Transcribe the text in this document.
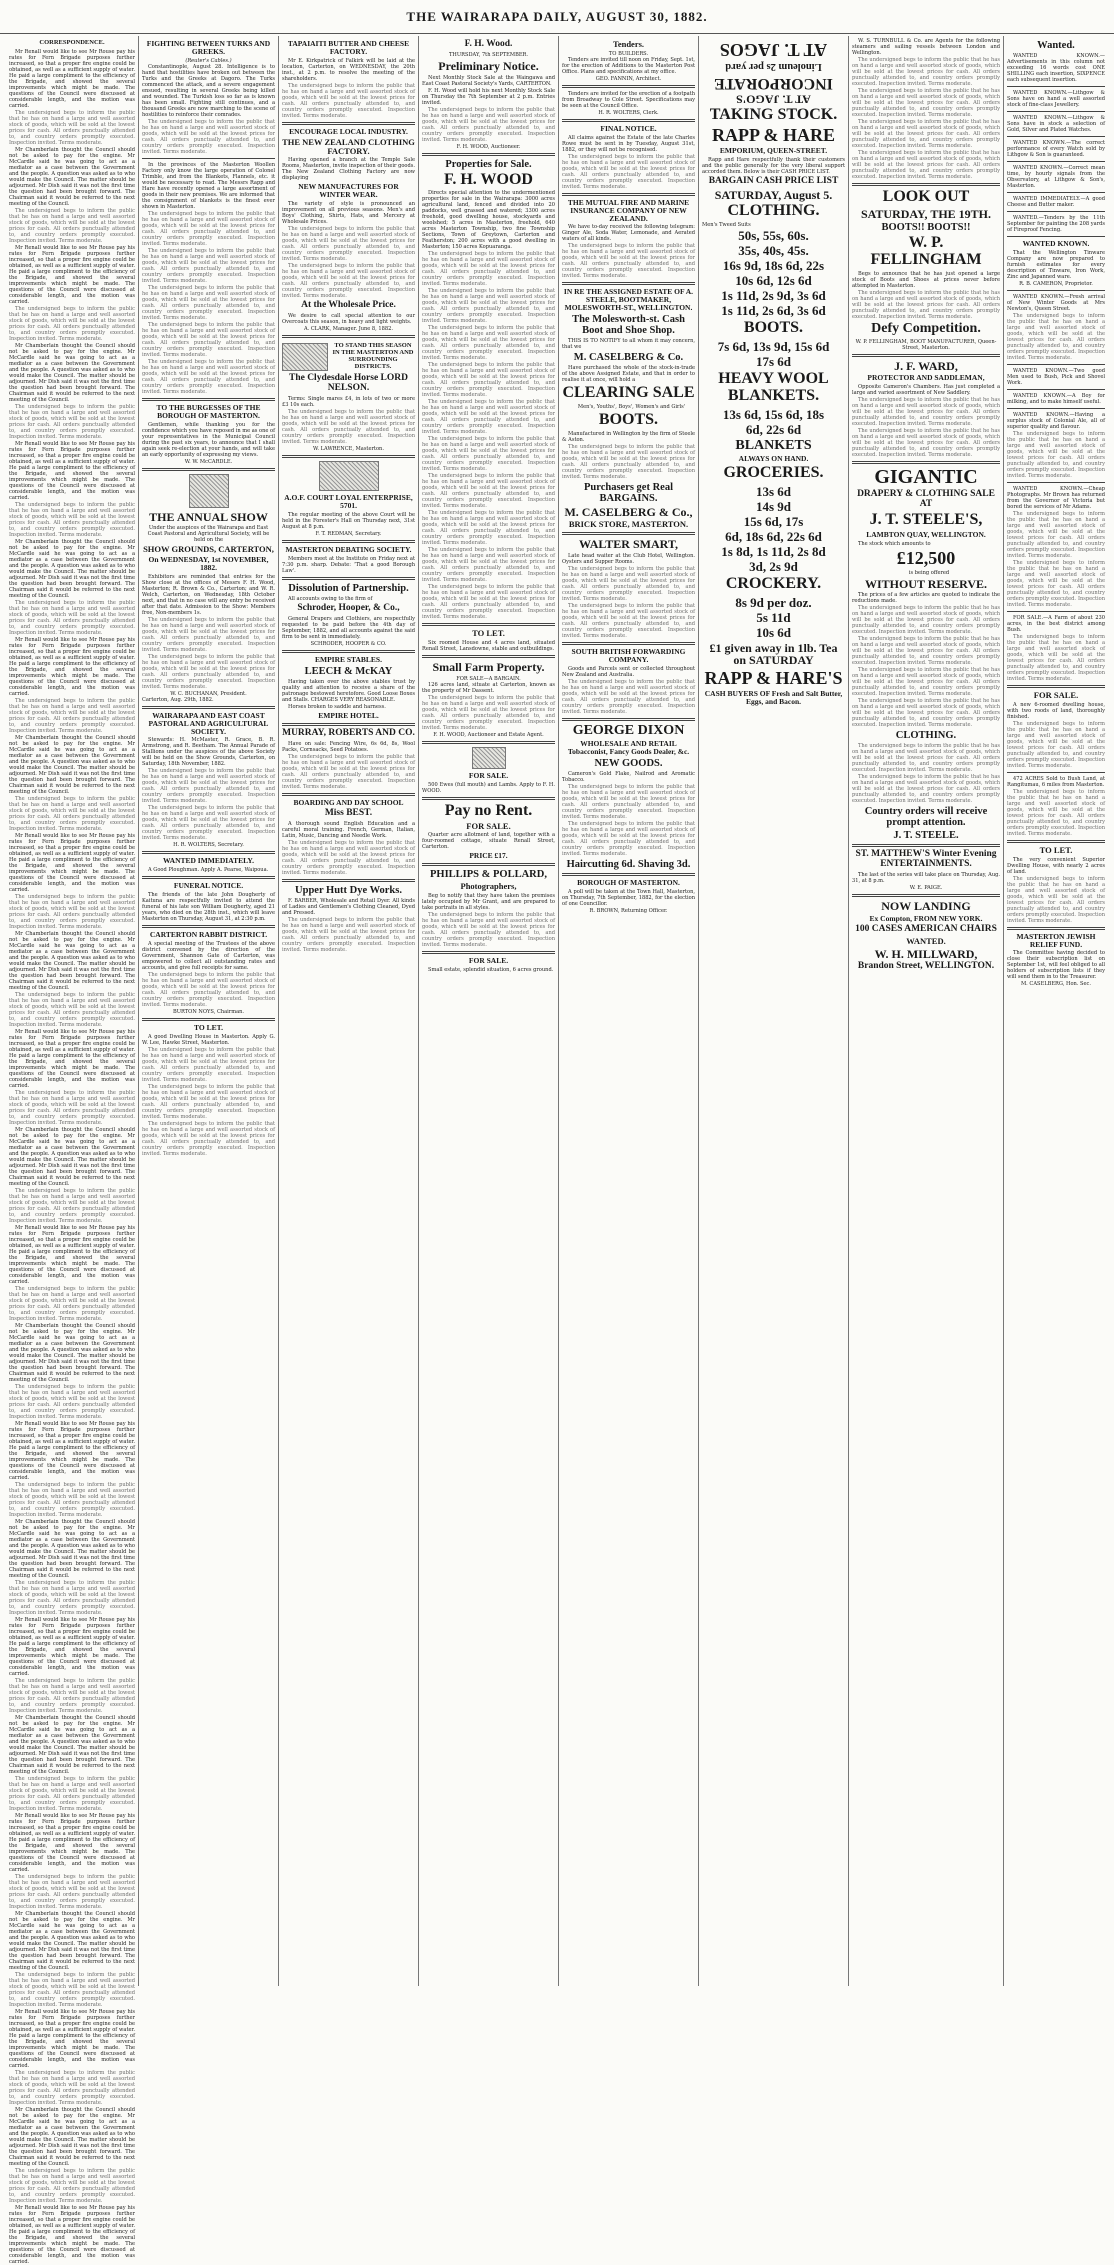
THE WAIRARAPA DAILY, AUGUST 30, 1882.
CORRESPONDENCE.

Mr Renall would like to see Mr Rouse pay his rates for Fern Brigade purposes further increased, so that a proper fire engine could be obtained, as well as a sufficient supply of water. He paid a large compliment to the efficiency of the Brigade, and showed the several improvements which might be made. The questions of the Council were discussed at considerable length, and the motion was carried.

The undersigned begs to inform the public that he has on hand a large and well assorted stock of goods, which will be sold at the lowest prices for cash. All orders punctually attended to, and country orders promptly executed. Inspection invited. Terms moderate.

Mr Chamberlain thought the Council should not be asked to pay for the engine. Mr McCardle said he was going to act as a mediator as a case between the Government and the people. A question was asked as to who would make the Council. The matter should be adjourned. Mr Dish said it was not the first time the question had been brought forward. The Chairman said it would be referred to the next meeting of the Council.

The undersigned begs to inform the public that he has on hand a large and well assorted stock of goods, which will be sold at the lowest prices for cash. All orders punctually attended to, and country orders promptly executed. Inspection invited. Terms moderate.

Mr Renall would like to see Mr Rouse pay his rates for Fern Brigade purposes further increased, so that a proper fire engine could be obtained, as well as a sufficient supply of water. He paid a large compliment to the efficiency of the Brigade, and showed the several improvements which might be made. The questions of the Council were discussed at considerable length, and the motion was carried.

The undersigned begs to inform the public that he has on hand a large and well assorted stock of goods, which will be sold at the lowest prices for cash. All orders punctually attended to, and country orders promptly executed. Inspection invited. Terms moderate.

Mr Chamberlain thought the Council should not be asked to pay for the engine. Mr McCardle said he was going to act as a mediator as a case between the Government and the people. A question was asked as to who would make the Council. The matter should be adjourned. Mr Dish said it was not the first time the question had been brought forward. The Chairman said it would be referred to the next meeting of the Council.

The undersigned begs to inform the public that he has on hand a large and well assorted stock of goods, which will be sold at the lowest prices for cash. All orders punctually attended to, and country orders promptly executed. Inspection invited. Terms moderate.

Mr Renall would like to see Mr Rouse pay his rates for Fern Brigade purposes further increased, so that a proper fire engine could be obtained, as well as a sufficient supply of water. He paid a large compliment to the efficiency of the Brigade, and showed the several improvements which might be made. The questions of the Council were discussed at considerable length, and the motion was carried.

The undersigned begs to inform the public that he has on hand a large and well assorted stock of goods, which will be sold at the lowest prices for cash. All orders punctually attended to, and country orders promptly executed. Inspection invited. Terms moderate.

Mr Chamberlain thought the Council should not be asked to pay for the engine. Mr McCardle said he was going to act as a mediator as a case between the Government and the people. A question was asked as to who would make the Council. The matter should be adjourned. Mr Dish said it was not the first time the question had been brought forward. The Chairman said it would be referred to the next meeting of the Council.

The undersigned begs to inform the public that he has on hand a large and well assorted stock of goods, which will be sold at the lowest prices for cash. All orders punctually attended to, and country orders promptly executed. Inspection invited. Terms moderate.

Mr Renall would like to see Mr Rouse pay his rates for Fern Brigade purposes further increased, so that a proper fire engine could be obtained, as well as a sufficient supply of water. He paid a large compliment to the efficiency of the Brigade, and showed the several improvements which might be made. The questions of the Council were discussed at considerable length, and the motion was carried.

The undersigned begs to inform the public that he has on hand a large and well assorted stock of goods, which will be sold at the lowest prices for cash. All orders punctually attended to, and country orders promptly executed. Inspection invited. Terms moderate.

Mr Chamberlain thought the Council should not be asked to pay for the engine. Mr McCardle said he was going to act as a mediator as a case between the Government and the people. A question was asked as to who would make the Council. The matter should be adjourned. Mr Dish said it was not the first time the question had been brought forward. The Chairman said it would be referred to the next meeting of the Council.

The undersigned begs to inform the public that he has on hand a large and well assorted stock of goods, which will be sold at the lowest prices for cash. All orders punctually attended to, and country orders promptly executed. Inspection invited. Terms moderate.

Mr Renall would like to see Mr Rouse pay his rates for Fern Brigade purposes further increased, so that a proper fire engine could be obtained, as well as a sufficient supply of water. He paid a large compliment to the efficiency of the Brigade, and showed the several improvements which might be made. The questions of the Council were discussed at considerable length, and the motion was carried.

The undersigned begs to inform the public that he has on hand a large and well assorted stock of goods, which will be sold at the lowest prices for cash. All orders punctually attended to, and country orders promptly executed. Inspection invited. Terms moderate.

Mr Chamberlain thought the Council should not be asked to pay for the engine. Mr McCardle said he was going to act as a mediator as a case between the Government and the people. A question was asked as to who would make the Council. The matter should be adjourned. Mr Dish said it was not the first time the question had been brought forward. The Chairman said it would be referred to the next meeting of the Council.

The undersigned begs to inform the public that he has on hand a large and well assorted stock of goods, which will be sold at the lowest prices for cash. All orders punctually attended to, and country orders promptly executed. Inspection invited. Terms moderate.

Mr Renall would like to see Mr Rouse pay his rates for Fern Brigade purposes further increased, so that a proper fire engine could be obtained, as well as a sufficient supply of water. He paid a large compliment to the efficiency of the Brigade, and showed the several improvements which might be made. The questions of the Council were discussed at considerable length, and the motion was carried.

The undersigned begs to inform the public that he has on hand a large and well assorted stock of goods, which will be sold at the lowest prices for cash. All orders punctually attended to, and country orders promptly executed. Inspection invited. Terms moderate.

Mr Chamberlain thought the Council should not be asked to pay for the engine. Mr McCardle said he was going to act as a mediator as a case between the Government and the people. A question was asked as to who would make the Council. The matter should be adjourned. Mr Dish said it was not the first time the question had been brought forward. The Chairman said it would be referred to the next meeting of the Council.

The undersigned begs to inform the public that he has on hand a large and well assorted stock of goods, which will be sold at the lowest prices for cash. All orders punctually attended to, and country orders promptly executed. Inspection invited. Terms moderate.

Mr Renall would like to see Mr Rouse pay his rates for Fern Brigade purposes further increased, so that a proper fire engine could be obtained, as well as a sufficient supply of water. He paid a large compliment to the efficiency of the Brigade, and showed the several improvements which might be made. The questions of the Council were discussed at considerable length, and the motion was carried.

The undersigned begs to inform the public that he has on hand a large and well assorted stock of goods, which will be sold at the lowest prices for cash. All orders punctually attended to, and country orders promptly executed. Inspection invited. Terms moderate.

Mr Chamberlain thought the Council should not be asked to pay for the engine. Mr McCardle said he was going to act as a mediator as a case between the Government and the people. A question was asked as to who would make the Council. The matter should be adjourned. Mr Dish said it was not the first time the question had been brought forward. The Chairman said it would be referred to the next meeting of the Council.

The undersigned begs to inform the public that he has on hand a large and well assorted stock of goods, which will be sold at the lowest prices for cash. All orders punctually attended to, and country orders promptly executed. Inspection invited. Terms moderate.

Mr Renall would like to see Mr Rouse pay his rates for Fern Brigade purposes further increased, so that a proper fire engine could be obtained, as well as a sufficient supply of water. He paid a large compliment to the efficiency of the Brigade, and showed the several improvements which might be made. The questions of the Council were discussed at considerable length, and the motion was carried.

The undersigned begs to inform the public that he has on hand a large and well assorted stock of goods, which will be sold at the lowest prices for cash. All orders punctually attended to, and country orders promptly executed. Inspection invited. Terms moderate.

Mr Chamberlain thought the Council should not be asked to pay for the engine. Mr McCardle said he was going to act as a mediator as a case between the Government and the people. A question was asked as to who would make the Council. The matter should be adjourned. Mr Dish said it was not the first time the question had been brought forward. The Chairman said it would be referred to the next meeting of the Council.

The undersigned begs to inform the public that he has on hand a large and well assorted stock of goods, which will be sold at the lowest prices for cash. All orders punctually attended to, and country orders promptly executed. Inspection invited. Terms moderate.

Mr Renall would like to see Mr Rouse pay his rates for Fern Brigade purposes further increased, so that a proper fire engine could be obtained, as well as a sufficient supply of water. He paid a large compliment to the efficiency of the Brigade, and showed the several improvements which might be made. The questions of the Council were discussed at considerable length, and the motion was carried.

The undersigned begs to inform the public that he has on hand a large and well assorted stock of goods, which will be sold at the lowest prices for cash. All orders punctually attended to, and country orders promptly executed. Inspection invited. Terms moderate.

Mr Chamberlain thought the Council should not be asked to pay for the engine. Mr McCardle said he was going to act as a mediator as a case between the Government and the people. A question was asked as to who would make the Council. The matter should be adjourned. Mr Dish said it was not the first time the question had been brought forward. The Chairman said it would be referred to the next meeting of the Council.

The undersigned begs to inform the public that he has on hand a large and well assorted stock of goods, which will be sold at the lowest prices for cash. All orders punctually attended to, and country orders promptly executed. Inspection invited. Terms moderate.

Mr Renall would like to see Mr Rouse pay his rates for Fern Brigade purposes further increased, so that a proper fire engine could be obtained, as well as a sufficient supply of water. He paid a large compliment to the efficiency of the Brigade, and showed the several improvements which might be made. The questions of the Council were discussed at considerable length, and the motion was carried.

The undersigned begs to inform the public that he has on hand a large and well assorted stock of goods, which will be sold at the lowest prices for cash. All orders punctually attended to, and country orders promptly executed. Inspection invited. Terms moderate.

Mr Chamberlain thought the Council should not be asked to pay for the engine. Mr McCardle said he was going to act as a mediator as a case between the Government and the people. A question was asked as to who would make the Council. The matter should be adjourned. Mr Dish said it was not the first time the question had been brought forward. The Chairman said it would be referred to the next meeting of the Council.

The undersigned begs to inform the public that he has on hand a large and well assorted stock of goods, which will be sold at the lowest prices for cash. All orders punctually attended to, and country orders promptly executed. Inspection invited. Terms moderate.

Mr Renall would like to see Mr Rouse pay his rates for Fern Brigade purposes further increased, so that a proper fire engine could be obtained, as well as a sufficient supply of water. He paid a large compliment to the efficiency of the Brigade, and showed the several improvements which might be made. The questions of the Council were discussed at considerable length, and the motion was carried.

The undersigned begs to inform the public that he has on hand a large and well assorted stock of goods, which will be sold at the lowest prices for cash. All orders punctually attended to, and country orders promptly executed. Inspection invited. Terms moderate.

Mr Chamberlain thought the Council should not be asked to pay for the engine. Mr McCardle said he was going to act as a mediator as a case between the Government and the people. A question was asked as to who would make the Council. The matter should be adjourned. Mr Dish said it was not the first time the question had been brought forward. The Chairman said it would be referred to the next meeting of the Council.

The undersigned begs to inform the public that he has on hand a large and well assorted stock of goods, which will be sold at the lowest prices for cash. All orders punctually attended to, and country orders promptly executed. Inspection invited. Terms moderate.

Mr Renall would like to see Mr Rouse pay his rates for Fern Brigade purposes further increased, so that a proper fire engine could be obtained, as well as a sufficient supply of water. He paid a large compliment to the efficiency of the Brigade, and showed the several improvements which might be made. The questions of the Council were discussed at considerable length, and the motion was carried.

FIGHTING BETWEEN TURKS AND GREEKS.
(Reuter's Cables.)

Constantinople, August 28. Intelligence is to hand that hostilities have broken out between the Turks and the Greeks at Dagoro. The Turks commenced the attack, and a severe engagement ensued, resulting in several Greeks being killed and wounded. The Turkish loss so far as is known has been small. Fighting still continues, and a thousand Greeks are now marching to the scene of hostilities to reinforce their comrades.

The undersigned begs to inform the public that he has on hand a large and well assorted stock of goods, which will be sold at the lowest prices for cash. All orders punctually attended to, and country orders promptly executed. Inspection invited. Terms moderate.

In the provinces of the Masterton Woollen Factory only know the large operation of Colonel Trimble, and from the Blankets, Flannels, etc. it would be necessary to read. The Messrs Rapp and Hare have recently opened a large assortment of goods in their new premises. We are informed that the consignment of blankets is the finest ever shown in Masterton.

The undersigned begs to inform the public that he has on hand a large and well assorted stock of goods, which will be sold at the lowest prices for cash. All orders punctually attended to, and country orders promptly executed. Inspection invited. Terms moderate.

The undersigned begs to inform the public that he has on hand a large and well assorted stock of goods, which will be sold at the lowest prices for cash. All orders punctually attended to, and country orders promptly executed. Inspection invited. Terms moderate.

The undersigned begs to inform the public that he has on hand a large and well assorted stock of goods, which will be sold at the lowest prices for cash. All orders punctually attended to, and country orders promptly executed. Inspection invited. Terms moderate.

The undersigned begs to inform the public that he has on hand a large and well assorted stock of goods, which will be sold at the lowest prices for cash. All orders punctually attended to, and country orders promptly executed. Inspection invited. Terms moderate.

The undersigned begs to inform the public that he has on hand a large and well assorted stock of goods, which will be sold at the lowest prices for cash. All orders punctually attended to, and country orders promptly executed. Inspection invited. Terms moderate.

TO THE BURGESSES OF THE BOROUGH OF MASTERTON.

Gentlemen, while thanking you for the confidence which you have reposed in me as one of your representatives in the Municipal Council during the past six years, to announce that I shall again seek re-election at your hands, and will take an early opportunity of expressing my views.

W. W. McCARDLE.
THE ANNUAL SHOW
Under the auspices of the Wairarapa and East Coast Pastoral and Agricultural Society, will be held on the
SHOW GROUNDS, CARTERTON,
On WEDNESDAY, 1st NOVEMBER, 1882.

Exhibitors are reminded that entries for the Show close at the offices of Messrs F. H. Wood, Masterton; R. Brown & Co., Carterton; and W. R. Welch, Carterton, on Wednesday, 18th October next, and that in no case will any entry be received after that date. Admission to the Show: Members free, Non-members 1s.

The undersigned begs to inform the public that he has on hand a large and well assorted stock of goods, which will be sold at the lowest prices for cash. All orders punctually attended to, and country orders promptly executed. Inspection invited. Terms moderate.

The undersigned begs to inform the public that he has on hand a large and well assorted stock of goods, which will be sold at the lowest prices for cash. All orders punctually attended to, and country orders promptly executed. Inspection invited. Terms moderate.

W. C. BUCHANAN, President.
Carterton, Aug. 29th, 1882.
WAIRARAPA AND EAST COAST PASTORAL AND AGRICULTURAL SOCIETY.

Stewards: H. McMaster, R. Grace, B. R. Armstrong, and R. Beetham. The Annual Parade of Stallions under the auspices of the above Society will be held on the Show Grounds, Carterton, on Saturday, 18th November, 1882.

The undersigned begs to inform the public that he has on hand a large and well assorted stock of goods, which will be sold at the lowest prices for cash. All orders punctually attended to, and country orders promptly executed. Inspection invited. Terms moderate.

The undersigned begs to inform the public that he has on hand a large and well assorted stock of goods, which will be sold at the lowest prices for cash. All orders punctually attended to, and country orders promptly executed. Inspection invited. Terms moderate.

H. R. WOLTERS, Secretary.
WANTED IMMEDIATELY.

A Good Ploughman. Apply A. Pearse, Waipoua.

FUNERAL NOTICE.

The friends of the late John Dougherty of Kaituna are respectfully invited to attend the funeral of his late son William Dougherty, aged 21 years, who died on the 28th inst., which will leave Masterton on Thursday, August 31, at 2:30 p.m.

CARTERTON RABBIT DISTRICT.

A special meeting of the Trustees of the above district convened by the direction of the Government, Shannon Gate of Carterton, was empowered to collect all outstanding rates and accounts, and give full receipts for same.

The undersigned begs to inform the public that he has on hand a large and well assorted stock of goods, which will be sold at the lowest prices for cash. All orders punctually attended to, and country orders promptly executed. Inspection invited. Terms moderate.

BURTON NOYS, Chairman.
TO LET.

A good Dwelling House in Masterton. Apply G. W. Lee, Hawke Street, Masterton.

The undersigned begs to inform the public that he has on hand a large and well assorted stock of goods, which will be sold at the lowest prices for cash. All orders punctually attended to, and country orders promptly executed. Inspection invited. Terms moderate.

The undersigned begs to inform the public that he has on hand a large and well assorted stock of goods, which will be sold at the lowest prices for cash. All orders punctually attended to, and country orders promptly executed. Inspection invited. Terms moderate.

The undersigned begs to inform the public that he has on hand a large and well assorted stock of goods, which will be sold at the lowest prices for cash. All orders punctually attended to, and country orders promptly executed. Inspection invited. Terms moderate.

TAPAIAITI BUTTER AND CHEESE FACTORY.

Mr E. Kirkpatrick of Falkirk will be laid at the location, Carterton, on WEDNESDAY, the 20th inst., at 2 p.m. to resolve the meeting of the shareholders.

The undersigned begs to inform the public that he has on hand a large and well assorted stock of goods, which will be sold at the lowest prices for cash. All orders punctually attended to, and country orders promptly executed. Inspection invited. Terms moderate.

ENCOURAGE LOCAL INDUSTRY.
THE NEW ZEALAND CLOTHING FACTORY.

Having opened a branch at the Temple Sale Rooms, Masterton, invite inspection of their goods. The New Zealand Clothing Factory are now displaying

NEW MANUFACTURES FOR WINTER WEAR.

The variety of style is pronounced an improvement on all previous seasons. Men's and Boys' Clothing, Shirts, Hats, and Mercery at Wholesale Prices.

The undersigned begs to inform the public that he has on hand a large and well assorted stock of goods, which will be sold at the lowest prices for cash. All orders punctually attended to, and country orders promptly executed. Inspection invited. Terms moderate.

The undersigned begs to inform the public that he has on hand a large and well assorted stock of goods, which will be sold at the lowest prices for cash. All orders punctually attended to, and country orders promptly executed. Inspection invited. Terms moderate.

At the Wholesale Price.

We desire to call special attention to our Overcoats this season, in heavy and light weights.

A. CLARK, Manager. June 8, 1882.
TO STAND THIS SEASON IN THE MASTERTON AND SURROUNDING DISTRICTS.
The Clydesdale Horse LORD NELSON.

Terms: Single mares £4, in lots of two or more £3 10s each.

The undersigned begs to inform the public that he has on hand a large and well assorted stock of goods, which will be sold at the lowest prices for cash. All orders punctually attended to, and country orders promptly executed. Inspection invited. Terms moderate.

W. LAWRENCE, Masterton.
A.O.F. COURT LOYAL ENTERPRISE, 5701.

The regular meeting of the above Court will be held in the Forester's Hall on Thursday next, 31st August at 8 p.m.

F. T. REDMAN, Secretary.
MASTERTON DEBATING SOCIETY.

Members meet at the Institute on Friday next at 7:30 p.m. sharp. Debate: 'That a good Borough Law'.

Dissolution of Partnership.

All accounts owing to the firm of

Schroder, Hooper, & Co.,

General Drapers and Clothiers, are respectfully requested to be paid before the 4th day of September, 1882, and all accounts against the said firm to be sent in immediately.

SCHRODER, HOOPER & CO.
EMPIRE STABLES.
LEECH & McKAY

Having taken over the above stables trust by quality and attention to receive a share of the patronage bestowed heretofore. Good Loose Boxes and Stalls. CHARGES VERY REASONABLE.

Horses broken to saddle and harness.

EMPIRE HOTEL.
MURRAY, ROBERTS AND CO.

Have on sale: Fencing Wire, 6s 6d, 8s, Wool Packs, Cornsacks, Seed Potatoes.

The undersigned begs to inform the public that he has on hand a large and well assorted stock of goods, which will be sold at the lowest prices for cash. All orders punctually attended to, and country orders promptly executed. Inspection invited. Terms moderate.

BOARDING AND DAY SCHOOL
Miss BEST.

A thorough sound English Education and a careful moral training. French, German, Italian, Latin, Music, Dancing and Needle Work.

The undersigned begs to inform the public that he has on hand a large and well assorted stock of goods, which will be sold at the lowest prices for cash. All orders punctually attended to, and country orders promptly executed. Inspection invited. Terms moderate.

Upper Hutt Dye Works.

F. BARBER, Wholesale and Retail Dyer. All kinds of Ladies and Gentlemen's Clothing Cleaned, Dyed and Pressed.

The undersigned begs to inform the public that he has on hand a large and well assorted stock of goods, which will be sold at the lowest prices for cash. All orders punctually attended to, and country orders promptly executed. Inspection invited. Terms moderate.

F. H. Wood.
THURSDAY, 7th SEPTEMBER.
Preliminary Notice.

Next Monthly Stock Sale at the Waingawa and East Coast Pastoral Society's Yards, CARTERTON.

F. H. Wood will hold his next Monthly Stock Sale on Thursday the 7th September at 2 p.m. Entries invited.

The undersigned begs to inform the public that he has on hand a large and well assorted stock of goods, which will be sold at the lowest prices for cash. All orders punctually attended to, and country orders promptly executed. Inspection invited. Terms moderate.

F. H. WOOD, Auctioneer.
Properties for Sale.
F. H. WOOD

Directs special attention to the undermentioned properties for sale in the Wairarapa: 3000 acres agricultural land, fenced and divided into 20 paddocks, well grassed and watered; 3300 acres freehold, good dwelling house, stockyards and woolshed; 5 acres in Masterton, freehold, 640 acres Masterton Township, two fine Township Sections, Town of Greytown, Carterton and Featherston; 200 acres with a good dwelling in Masterton; 150 acres Kopuaranga.

The undersigned begs to inform the public that he has on hand a large and well assorted stock of goods, which will be sold at the lowest prices for cash. All orders punctually attended to, and country orders promptly executed. Inspection invited. Terms moderate.

The undersigned begs to inform the public that he has on hand a large and well assorted stock of goods, which will be sold at the lowest prices for cash. All orders punctually attended to, and country orders promptly executed. Inspection invited. Terms moderate.

The undersigned begs to inform the public that he has on hand a large and well assorted stock of goods, which will be sold at the lowest prices for cash. All orders punctually attended to, and country orders promptly executed. Inspection invited. Terms moderate.

The undersigned begs to inform the public that he has on hand a large and well assorted stock of goods, which will be sold at the lowest prices for cash. All orders punctually attended to, and country orders promptly executed. Inspection invited. Terms moderate.

The undersigned begs to inform the public that he has on hand a large and well assorted stock of goods, which will be sold at the lowest prices for cash. All orders punctually attended to, and country orders promptly executed. Inspection invited. Terms moderate.

The undersigned begs to inform the public that he has on hand a large and well assorted stock of goods, which will be sold at the lowest prices for cash. All orders punctually attended to, and country orders promptly executed. Inspection invited. Terms moderate.

The undersigned begs to inform the public that he has on hand a large and well assorted stock of goods, which will be sold at the lowest prices for cash. All orders punctually attended to, and country orders promptly executed. Inspection invited. Terms moderate.

The undersigned begs to inform the public that he has on hand a large and well assorted stock of goods, which will be sold at the lowest prices for cash. All orders punctually attended to, and country orders promptly executed. Inspection invited. Terms moderate.

The undersigned begs to inform the public that he has on hand a large and well assorted stock of goods, which will be sold at the lowest prices for cash. All orders punctually attended to, and country orders promptly executed. Inspection invited. Terms moderate.

The undersigned begs to inform the public that he has on hand a large and well assorted stock of goods, which will be sold at the lowest prices for cash. All orders punctually attended to, and country orders promptly executed. Inspection invited. Terms moderate.

TO LET.

Six roomed House and 4 acres land, situated Renall Street, Lansdowne, stable and outbuildings.

Small Farm Property.
FOR SALE—A BARGAIN.

126 acres land, situate at Carterton, known as the property of Mr Dassent.

The undersigned begs to inform the public that he has on hand a large and well assorted stock of goods, which will be sold at the lowest prices for cash. All orders punctually attended to, and country orders promptly executed. Inspection invited. Terms moderate.

F. H. WOOD, Auctioneer and Estate Agent.
FOR SALE.

500 Ewes (full mouth) and Lambs. Apply to F. H. WOOD.

Pay no Rent.
FOR SALE.

Quarter acre allotment of land, together with a four-roomed cottage, situate Renall Street, Carterton.

PRICE £17.
PHILLIPS & POLLARD,
Photographers,

Beg to notify that they have taken the premises lately occupied by Mr Grant, and are prepared to take portraits in all styles.

The undersigned begs to inform the public that he has on hand a large and well assorted stock of goods, which will be sold at the lowest prices for cash. All orders punctually attended to, and country orders promptly executed. Inspection invited. Terms moderate.

FOR SALE.

Small estate, splendid situation, 6 acres ground.

Tenders.
TO BUILDERS.

Tenders are invited till noon on Friday, Sept. 1st, for the erection of Additions to the Masterton Post Office. Plans and specifications at my office.

GEO. FANNIN, Architect.

Tenders are invited for the erection of a footpath from Broadway to Cole Street. Specifications may be seen at the Council Office.

H. R. WOLTERS, Clerk.
FINAL NOTICE.

All claims against the Estate of the late Charles Rowe must be sent in by Tuesday, August 31st, 1882, or they will not be recognised.

The undersigned begs to inform the public that he has on hand a large and well assorted stock of goods, which will be sold at the lowest prices for cash. All orders punctually attended to, and country orders promptly executed. Inspection invited. Terms moderate.

THE MUTUAL FIRE AND MARINE INSURANCE COMPANY OF NEW ZEALAND.

We have to-day received the following telegram: Ginger Ale, Soda Water, Lemonade, and Aerated waters of all kinds.

The undersigned begs to inform the public that he has on hand a large and well assorted stock of goods, which will be sold at the lowest prices for cash. All orders punctually attended to, and country orders promptly executed. Inspection invited. Terms moderate.

IN RE THE ASSIGNED ESTATE OF A. STEELE, BOOTMAKER, MOLESWORTH-ST., WELLINGTON.
The Molesworth-st. Cash Boot and Shoe Shop.

THIS IS TO NOTIFY to all whom it may concern, that we

M. CASELBERG & Co.

Have purchased the whole of the stock-in-trade of the above Assigned Estate, and that in order to realise it at once, will hold a

CLEARING SALE

Men's, Youths', Boys', Women's and Girls'

BOOTS.

Manufactured in Wellington by the firm of Steele & Aston.

The undersigned begs to inform the public that he has on hand a large and well assorted stock of goods, which will be sold at the lowest prices for cash. All orders punctually attended to, and country orders promptly executed. Inspection invited. Terms moderate.

Purchasers get Real BARGAINS.
M. CASELBERG & Co.,
BRICK STORE, MASTERTON.
WALTER SMART,

Late head waiter at the Club Hotel, Wellington. Oysters and Supper Rooms.

The undersigned begs to inform the public that he has on hand a large and well assorted stock of goods, which will be sold at the lowest prices for cash. All orders punctually attended to, and country orders promptly executed. Inspection invited. Terms moderate.

The undersigned begs to inform the public that he has on hand a large and well assorted stock of goods, which will be sold at the lowest prices for cash. All orders punctually attended to, and country orders promptly executed. Inspection invited. Terms moderate.

SOUTH BRITISH FORWARDING COMPANY.

Goods and Parcels sent or collected throughout New Zealand and Australia.

The undersigned begs to inform the public that he has on hand a large and well assorted stock of goods, which will be sold at the lowest prices for cash. All orders punctually attended to, and country orders promptly executed. Inspection invited. Terms moderate.

GEORGE DIXON
WHOLESALE AND RETAIL Tobacconist, Fancy Goods Dealer, &c.
NEW GOODS.

Cameron's Gold Flake, Nailrod and Aromatic Tobacco.

The undersigned begs to inform the public that he has on hand a large and well assorted stock of goods, which will be sold at the lowest prices for cash. All orders punctually attended to, and country orders promptly executed. Inspection invited. Terms moderate.

The undersigned begs to inform the public that he has on hand a large and well assorted stock of goods, which will be sold at the lowest prices for cash. All orders punctually attended to, and country orders promptly executed. Inspection invited. Terms moderate.

Haircutting 6d. Shaving 3d.
BOROUGH OF MASTERTON.

A poll will be taken at the Town Hall, Masterton, on Thursday, 7th September, 1882, for the election of one Councillor.

R. BROWN, Returning Officer.
AT T. JAGOS
Linoleum 2s per yard
INCORPORATE
AT T. JAGO'S
TAKING STOCK.
RAPP & HARE
EMPORIUM, QUEEN-STREET.

Rapp and Hare respectfully thank their customers and the public generally for the very liberal support accorded them. Below is their CASH PRICE LIST.

BARGAIN CASH PRICE LIST
SATURDAY, August 5.
CLOTHING.
Men's Tweed Suits
50s, 55s, 60s.
35s, 40s, 45s.
16s 9d, 18s 6d, 22s
10s 6d, 12s 6d
1s 11d, 2s 9d, 3s 6d
1s 11d, 2s 6d, 3s 6d
BOOTS.
7s 6d, 13s 9d, 15s 6d
17s 6d
HEAVY WOOL BLANKETS.
13s 6d, 15s 6d, 18s
6d, 22s 6d
BLANKETS
ALWAYS ON HAND.
GROCERIES.
13s 6d
14s 9d
15s 6d, 17s
6d, 18s 6d, 22s 6d
1s 8d, 1s 11d, 2s 8d
3d, 2s 9d
CROCKERY.
8s 9d per doz.
5s 11d
10s 6d
£1 given away in 1lb. Tea on SATURDAY
RAPP & HARE'S
CASH BUYERS OF Fresh and Salt Butter, Eggs, and Bacon.

W. S. TURNBULL & Co. are Agents for the following steamers and sailing vessels between London and Wellington.

The undersigned begs to inform the public that he has on hand a large and well assorted stock of goods, which will be sold at the lowest prices for cash. All orders punctually attended to, and country orders promptly executed. Inspection invited. Terms moderate.

The undersigned begs to inform the public that he has on hand a large and well assorted stock of goods, which will be sold at the lowest prices for cash. All orders punctually attended to, and country orders promptly executed. Inspection invited. Terms moderate.

The undersigned begs to inform the public that he has on hand a large and well assorted stock of goods, which will be sold at the lowest prices for cash. All orders punctually attended to, and country orders promptly executed. Inspection invited. Terms moderate.

The undersigned begs to inform the public that he has on hand a large and well assorted stock of goods, which will be sold at the lowest prices for cash. All orders punctually attended to, and country orders promptly executed. Inspection invited. Terms moderate.

LOOK OUT
SATURDAY, THE 19TH.
BOOTS!! BOOTS!!
W. P. FELLINGHAM

Begs to announce that he has just opened a large stock of Boots and Shoes at prices never before attempted in Masterton.

The undersigned begs to inform the public that he has on hand a large and well assorted stock of goods, which will be sold at the lowest prices for cash. All orders punctually attended to, and country orders promptly executed. Inspection invited. Terms moderate.

Defy Competition.
W. P. FELLINGHAM, BOOT MANUFACTURER, Queen-Street, Masterton.
J. F. WARD,
PROTECTOR AND SADDLEMAN,

Opposite Cameron's Chambers. Has just completed a large and varied assortment of New Saddlery.

The undersigned begs to inform the public that he has on hand a large and well assorted stock of goods, which will be sold at the lowest prices for cash. All orders punctually attended to, and country orders promptly executed. Inspection invited. Terms moderate.

The undersigned begs to inform the public that he has on hand a large and well assorted stock of goods, which will be sold at the lowest prices for cash. All orders punctually attended to, and country orders promptly executed. Inspection invited. Terms moderate.

GIGANTIC
DRAPERY & CLOTHING SALE AT
J. T. STEELE'S,
LAMBTON QUAY, WELLINGTON.

The stock which amounts to

£12,500

is being offered

WITHOUT RESERVE.

The prices of a few articles are quoted to indicate the reductions made.

The undersigned begs to inform the public that he has on hand a large and well assorted stock of goods, which will be sold at the lowest prices for cash. All orders punctually attended to, and country orders promptly executed. Inspection invited. Terms moderate.

The undersigned begs to inform the public that he has on hand a large and well assorted stock of goods, which will be sold at the lowest prices for cash. All orders punctually attended to, and country orders promptly executed. Inspection invited. Terms moderate.

The undersigned begs to inform the public that he has on hand a large and well assorted stock of goods, which will be sold at the lowest prices for cash. All orders punctually attended to, and country orders promptly executed. Inspection invited. Terms moderate.

The undersigned begs to inform the public that he has on hand a large and well assorted stock of goods, which will be sold at the lowest prices for cash. All orders punctually attended to, and country orders promptly executed. Inspection invited. Terms moderate.

CLOTHING.

The undersigned begs to inform the public that he has on hand a large and well assorted stock of goods, which will be sold at the lowest prices for cash. All orders punctually attended to, and country orders promptly executed. Inspection invited. Terms moderate.

The undersigned begs to inform the public that he has on hand a large and well assorted stock of goods, which will be sold at the lowest prices for cash. All orders punctually attended to, and country orders promptly executed. Inspection invited. Terms moderate.

Country orders will receive prompt attention.
J. T. STEELE.
ST. MATTHEW'S Winter Evening ENTERTAINMENTS.

The last of the series will take place on Thursday, Aug. 31, at 8 p.m.

W. E. PAIGE.
NOW LANDING
Ex Compton, FROM NEW YORK.
100 CASES AMERICAN CHAIRS
WANTED.
W. H. MILLWARD,
Brandon Street, WELLINGTON.
Wanted.

WANTED KNOWN.—Advertisements in this column not exceeding 16 words cost ONE SHILLING each insertion, SIXPENCE each subsequent insertion.

WANTED KNOWN.—Lithgow & Sons have on hand a well assorted stock of fine-class Jewellery.

WANTED KNOWN.—Lithgow & Sons have in stock a selection of Gold, Silver and Plated Watches.

WANTED KNOWN.—The correct performance of every Watch sold by Lithgow & Son is guaranteed.

WANTED KNOWN.—Correct mean time, by hourly signals from the Observatory, at Lithgow & Son's, Masterton.

WANTED IMMEDIATELY.—A good Cheese and Butter maker.

WANTED.—Tenders by the 11th September for painting the 208 yards of Fireproof Fencing.

WANTED KNOWN.

That the Wellington Tinware Company are now prepared to furnish estimates for every description of Tinware, Iron Work, Zinc and Japanned ware.

R. B. CAMERON, Proprietor.

WANTED KNOWN.—Fresh arrival of New Winter Goods at Mrs Newton's, Queen Street.

The undersigned begs to inform the public that he has on hand a large and well assorted stock of goods, which will be sold at the lowest prices for cash. All orders punctually attended to, and country orders promptly executed. Inspection invited. Terms moderate.

WANTED KNOWN.—Two good Men used to Bush, Pick and Shovel Work.

WANTED KNOWN.—A Boy for milking, and to make himself useful.

WANTED KNOWN.—Having a surplus stock of Colonial Ale, all of superior quality and flavour.

The undersigned begs to inform the public that he has on hand a large and well assorted stock of goods, which will be sold at the lowest prices for cash. All orders punctually attended to, and country orders promptly executed. Inspection invited. Terms moderate.

WANTED KNOWN.—Cheap Photographs. Mr Brown has returned from the Governor of Victoria but bored the services of Mr Adams.

The undersigned begs to inform the public that he has on hand a large and well assorted stock of goods, which will be sold at the lowest prices for cash. All orders punctually attended to, and country orders promptly executed. Inspection invited. Terms moderate.

The undersigned begs to inform the public that he has on hand a large and well assorted stock of goods, which will be sold at the lowest prices for cash. All orders punctually attended to, and country orders promptly executed. Inspection invited. Terms moderate.

FOR SALE.—A Farm of about 230 acres, in the best district among Bush.

The undersigned begs to inform the public that he has on hand a large and well assorted stock of goods, which will be sold at the lowest prices for cash. All orders punctually attended to, and country orders promptly executed. Inspection invited. Terms moderate.

FOR SALE.

A new 6-roomed dwelling house, with two roods of land, thoroughly finished.

The undersigned begs to inform the public that he has on hand a large and well assorted stock of goods, which will be sold at the lowest prices for cash. All orders punctually attended to, and country orders promptly executed. Inspection invited. Terms moderate.

472 ACRES Sold to Bush Land, at Rangitumau, 6 miles from Masterton.

The undersigned begs to inform the public that he has on hand a large and well assorted stock of goods, which will be sold at the lowest prices for cash. All orders punctually attended to, and country orders promptly executed. Inspection invited. Terms moderate.

TO LET.

The very convenient Superior Dwelling House, with nearly 2 acres of land.

The undersigned begs to inform the public that he has on hand a large and well assorted stock of goods, which will be sold at the lowest prices for cash. All orders punctually attended to, and country orders promptly executed. Inspection invited. Terms moderate.

MASTERTON JEWISH RELIEF FUND.

The Committee having decided to close their subscription list on September 1st, will feel obliged to all holders of subscription lists if they will send them in to the Treasurer.

M. CASELBERG, Hon. Sec.
